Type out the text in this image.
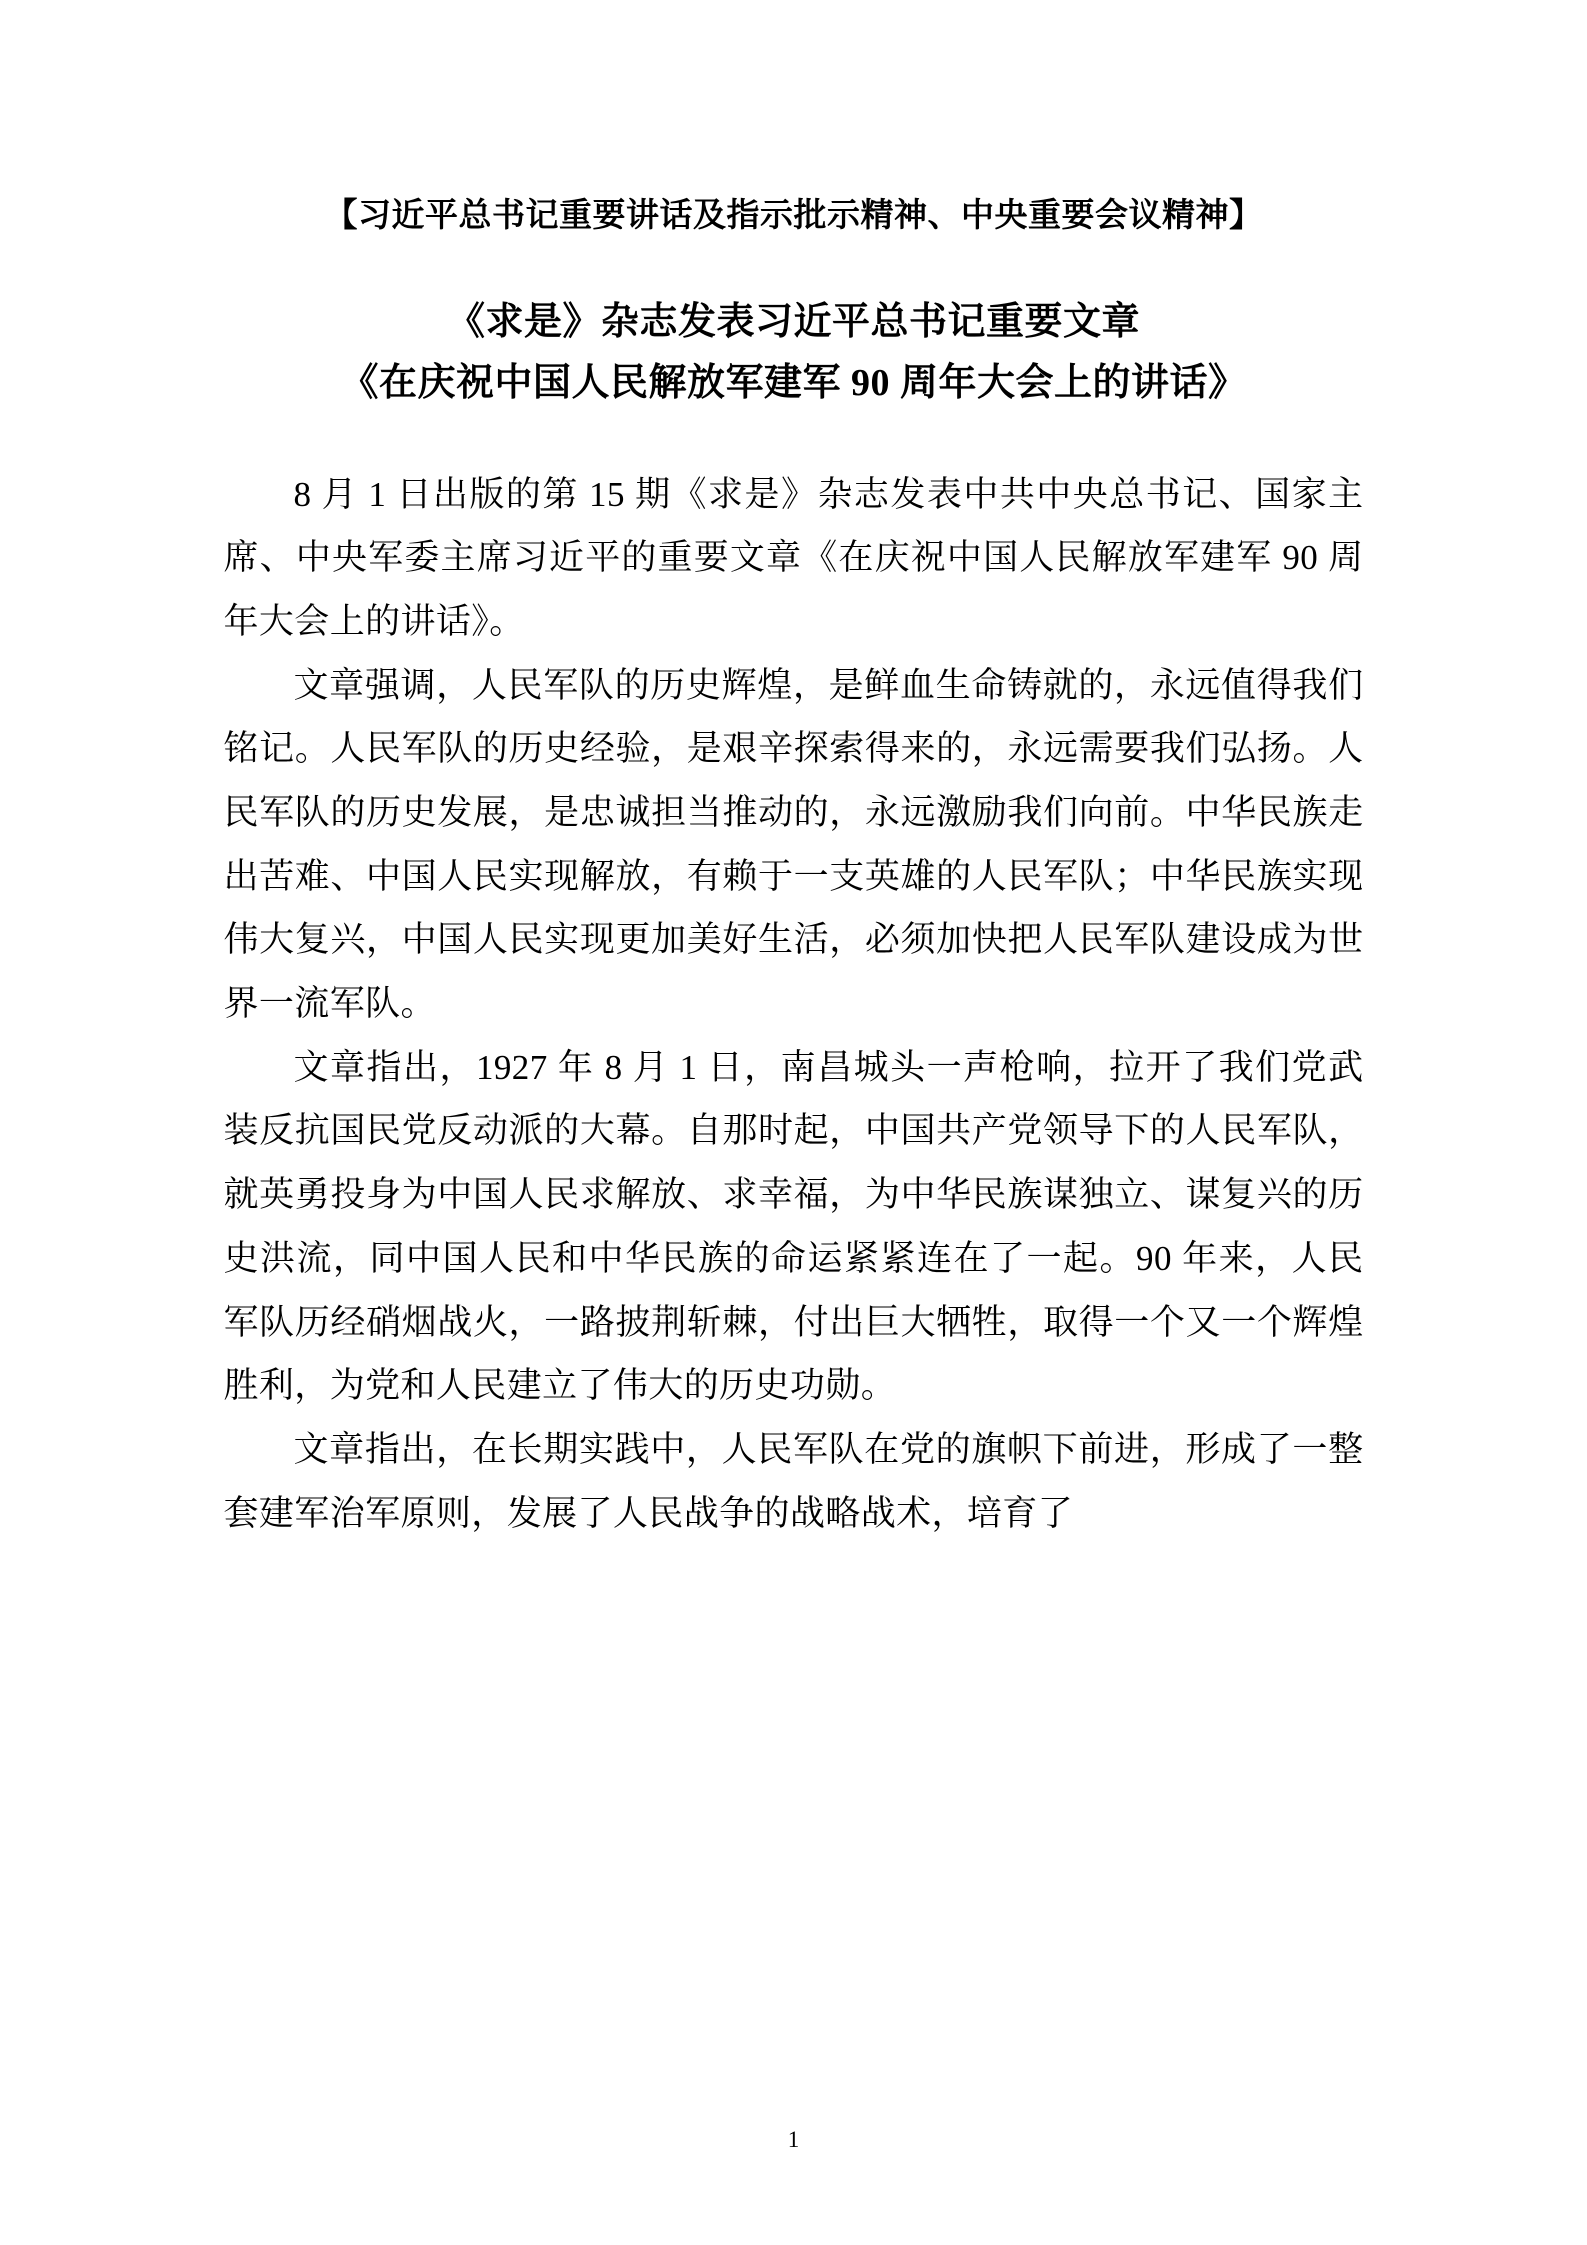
【习近平总书记重要讲话及指示批示精神、中央重要会议精神】
《求是》杂志发表习近平总书记重要文章
《在庆祝中国人民解放军建军 90 周年大会上的讲话》

8 月 1 日出版的第 15 期《求是》杂志发表中共中央总书记、国家主席、中央军委主席习近平的重要文章《在庆祝中国人民解放军建军 90 周年大会上的讲话》。

文章强调，人民军队的历史辉煌，是鲜血生命铸就的，永远值得我们铭记。人民军队的历史经验，是艰辛探索得来的，永远需要我们弘扬。人民军队的历史发展，是忠诚担当推动的，永远激励我们向前。中华民族走出苦难、中国人民实现解放，有赖于一支英雄的人民军队；中华民族实现伟大复兴，中国人民实现更加美好生活，必须加快把人民军队建设成为世界一流军队。

文章指出，1927 年 8 月 1 日，南昌城头一声枪响，拉开了我们党武装反抗国民党反动派的大幕。自那时起，中国共产党领导下的人民军队，就英勇投身为中国人民求解放、求幸福，为中华民族谋独立、谋复兴的历史洪流，同中国人民和中华民族的命运紧紧连在了一起。90 年来，人民军队历经硝烟战火，一路披荆斩棘，付出巨大牺牲，取得一个又一个辉煌胜利，为党和人民建立了伟大的历史功勋。

文章指出，在长期实践中，人民军队在党的旗帜下前进，形成了一整套建军治军原则，发展了人民战争的战略战术，培育了

1
